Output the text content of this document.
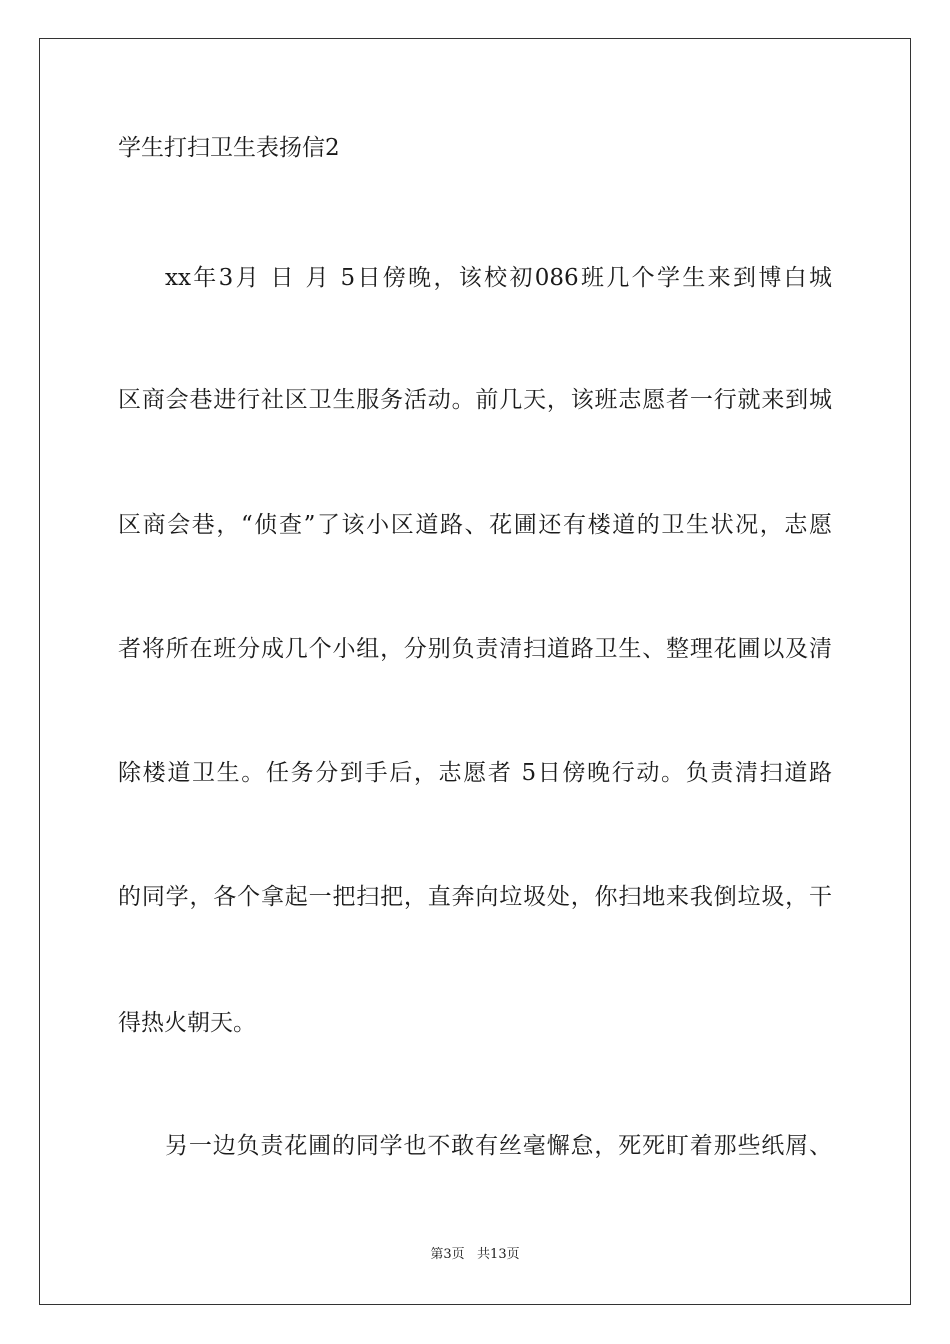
学生打扫卫生表扬信2
xx年3月 日 月 5日傍晚，该校初086班几个学生来到博白城
区商会巷进行社区卫生服务活动。前几天，该班志愿者一行就来到城
区商会巷，“侦查”了该小区道路、花圃还有楼道的卫生状况，志愿
者将所在班分成几个小组，分别负责清扫道路卫生、整理花圃以及清
除楼道卫生。任务分到手后，志愿者 5日傍晚行动。负责清扫道路
的同学，各个拿起一把扫把，直奔向垃圾处，你扫地来我倒垃圾，干
得热火朝天。
另一边负责花圃的同学也不敢有丝毫懈怠，死死盯着那些纸屑、
第3页   共13页
